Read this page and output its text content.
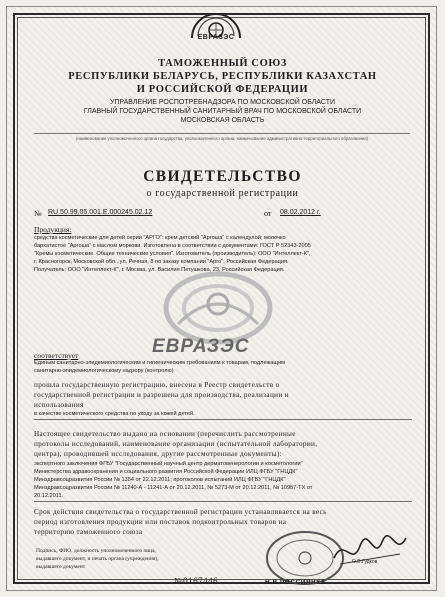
ЕВРАЗЭС
ТАМОЖЕННЫЙ СОЮЗ
РЕСПУБЛИКИ БЕЛАРУСЬ, РЕСПУБЛИКИ КАЗАХСТАН
И РОССИЙСКОЙ ФЕДЕРАЦИИ
УПРАВЛЕНИЕ РОСПОТРЕБНАДЗОРА ПО МОСКОВСКОЙ ОБЛАСТИ
ГЛАВНЫЙ ГОСУДАРСТВЕННЫЙ САНИТАРНЫЙ ВРАЧ ПО МОСКОВСКОЙ ОБЛАСТИ
МОСКОВСКАЯ ОБЛАСТЬ
(наименование уполномоченного органа государства, уполномоченного органа, наименование административно-территориального образования)
СВИДЕТЕЛЬСТВО
о государственной регистрации
№ RU.50.99.05.001.Е.000245.02.12	от 08.02.2012 г.
Продукция:
средства косметические для детей серии "АРГО": крем детский "Аргоша" с календулой; молочко
бархатистое "Аргоша" с маслом моркови. Изготовлена в соответствии с документами: ГОСТ Р 52343-2005
"Кремы косметические. Общие технические условия". Изготовитель (производитель): ООО "Интеллект-К",
г. Красногорск, Московской обл., ул. Речная, 8 по заказу компании "Арго", Российская Федерация.
Получатель: ООО "Интеллект-К", г. Москва, ул. Василия Петушкова, 23, Российская Федерация.
ЕВРАЗЭС
соответствует
Единым санитарно-эпидемиологическим и гигиеническим требованиям к товарам, подлежащим
санитарно-эпидемиологическому надзору (контролю)
прошла государственную регистрацию, внесена в Реестр свидетельств о
государственной регистрации и разрешена для производства, реализации и
использования
в качестве косметического средства по уходу за кожей детей.
Настоящее свидетельство выдано на основании (перечислить рассмотренные
протоколы исследований, наименование организации (испытательной лаборатории,
центра), проводившей исследования, другие рассмотренные документы):
экспертного заключения ФГБУ "Государственный научный центр дерматовенерологии и косметологии"
Министерства здравоохранения и социального развития Российской Федерации ИЛЦ ФГБУ "ГНЦДК"
Минздравсоцразвития России № 1354 от 22.12.2011; протоколов испытаний ИЛЦ ФГБУ "ГНЦДК"
Минздравсоцразвития России № 11240-А - 11241-А от 20.12.2011, № 5273-М от 20.12.2011, № 10957-ТХ от
20.12.2011.
Срок действия свидетельства о государственной регистрации устанавливается на весь
период изготовления продукции или поставок подконтрольных товаров на
территорию таможенного союза
Подпись, ФИО, должность уполномоченного лица,
выдавшего документ, и печать органа (учреждения),
выдавшего документ
О.В.Гудков
№0167446	Н.В.РОССИЯНКА
